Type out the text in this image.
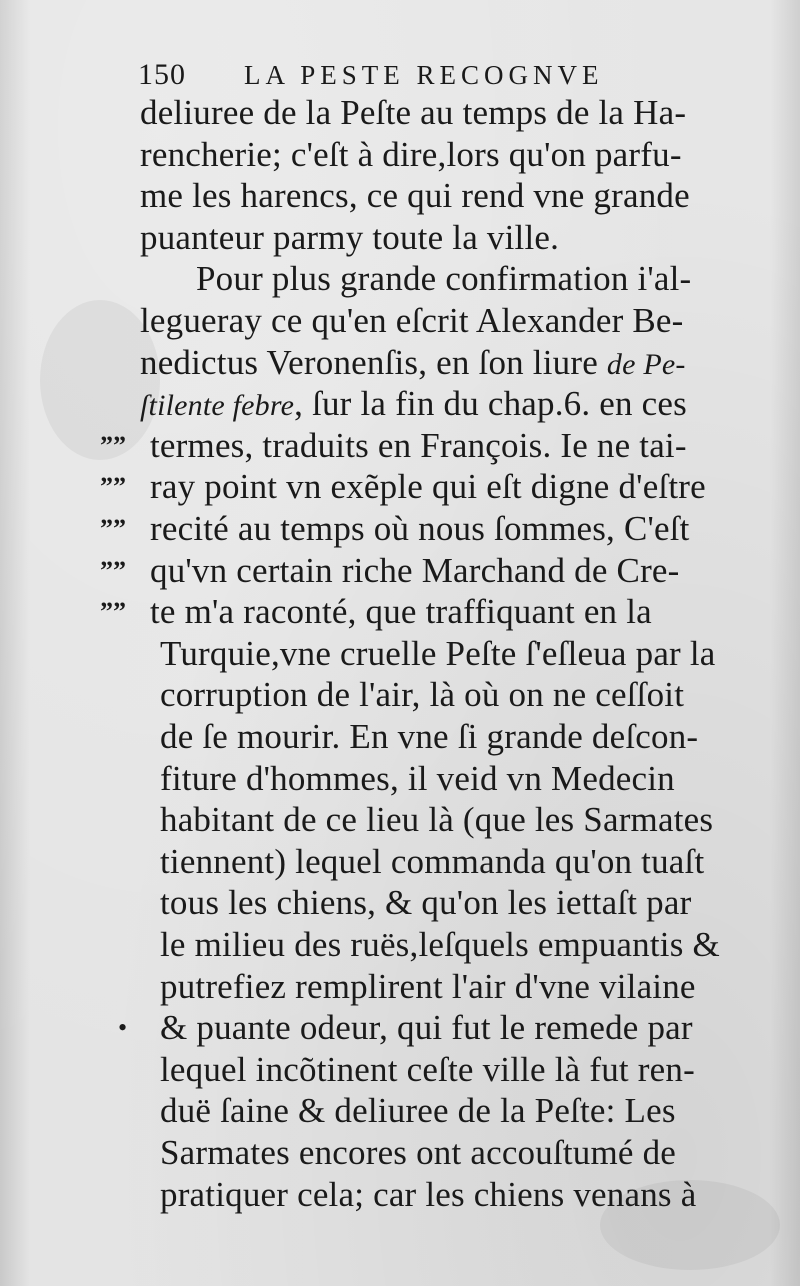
150 LA PESTE RECOGNVE
deliuree de la Peſte au temps de la Ha-
rencherie; c'eſt à dire,lors qu'on parfu-
me les harencs, ce qui rend vne grande
puanteur parmy toute la ville.
Pour plus grande confirmation i'al-
legueray ce qu'en eſcrit Alexander Be-
nedictus Veronenſis, en ſon liure de Pe-
ſtilente febre, ſur la fin du chap.6. en ces
termes, traduits en François. Ie ne tai-
””
ray point vn exẽple qui eſt digne d'eſtre
””
recité au temps où nous ſommes, C'eſt
””
qu'vn certain riche Marchand de Cre-
””
te m'a raconté, que traffiquant en la
””
Turquie,vne cruelle Peſte ſ'eſleua par la
corruption de l'air, là où on ne ceſſoit
de ſe mourir. En vne ſi grande deſcon-
fiture d'hommes, il veid vn Medecin
habitant de ce lieu là (que les Sarmates
tiennent) lequel commanda qu'on tuaſt
tous les chiens, & qu'on les iettaſt par
le milieu des ruës,leſquels empuantis &
putrefiez remplirent l'air d'vne vilaine
& puante odeur, qui fut le remede par
•
lequel incõtinent ceſte ville là fut ren-
duë ſaine & deliuree de la Peſte: Les
Sarmates encores ont accouſtumé de
pratiquer cela; car les chiens venans à
